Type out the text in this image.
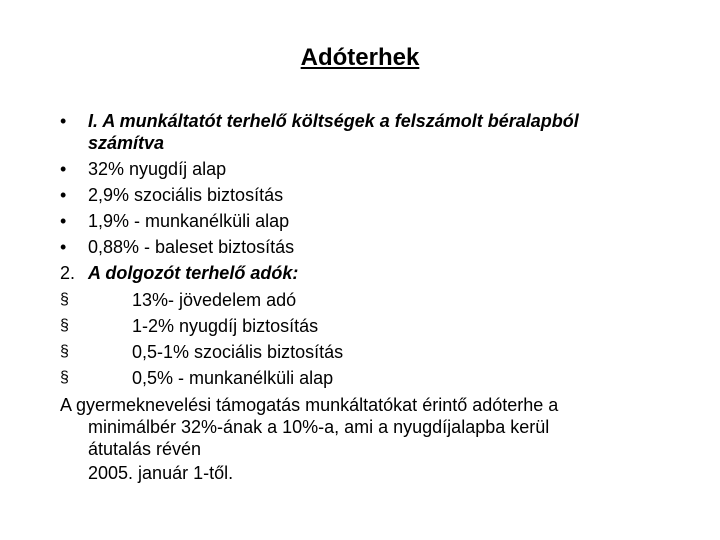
Adóterhek
• I. A munkáltatót terhelő költségek a felszámolt béralapból
számítva
• 32% nyugdíj alap
• 2,9% szociális biztosítás
• 1,9% - munkanélküli alap
• 0,88% - baleset biztosítás
2. A dolgozót terhelő adók:
§	13%- jövedelem adó
§	1-2% nyugdíj biztosítás
§	0,5-1% szociális biztosítás
§	0,5% - munkanélküli alap
A gyermeknevelési támogatás munkáltatókat érintő adóterhe a
minimálbér 32%-ának a 10%-a, ami a nyugdíjalapba kerül
átutalás révén
2005. január 1-től.
